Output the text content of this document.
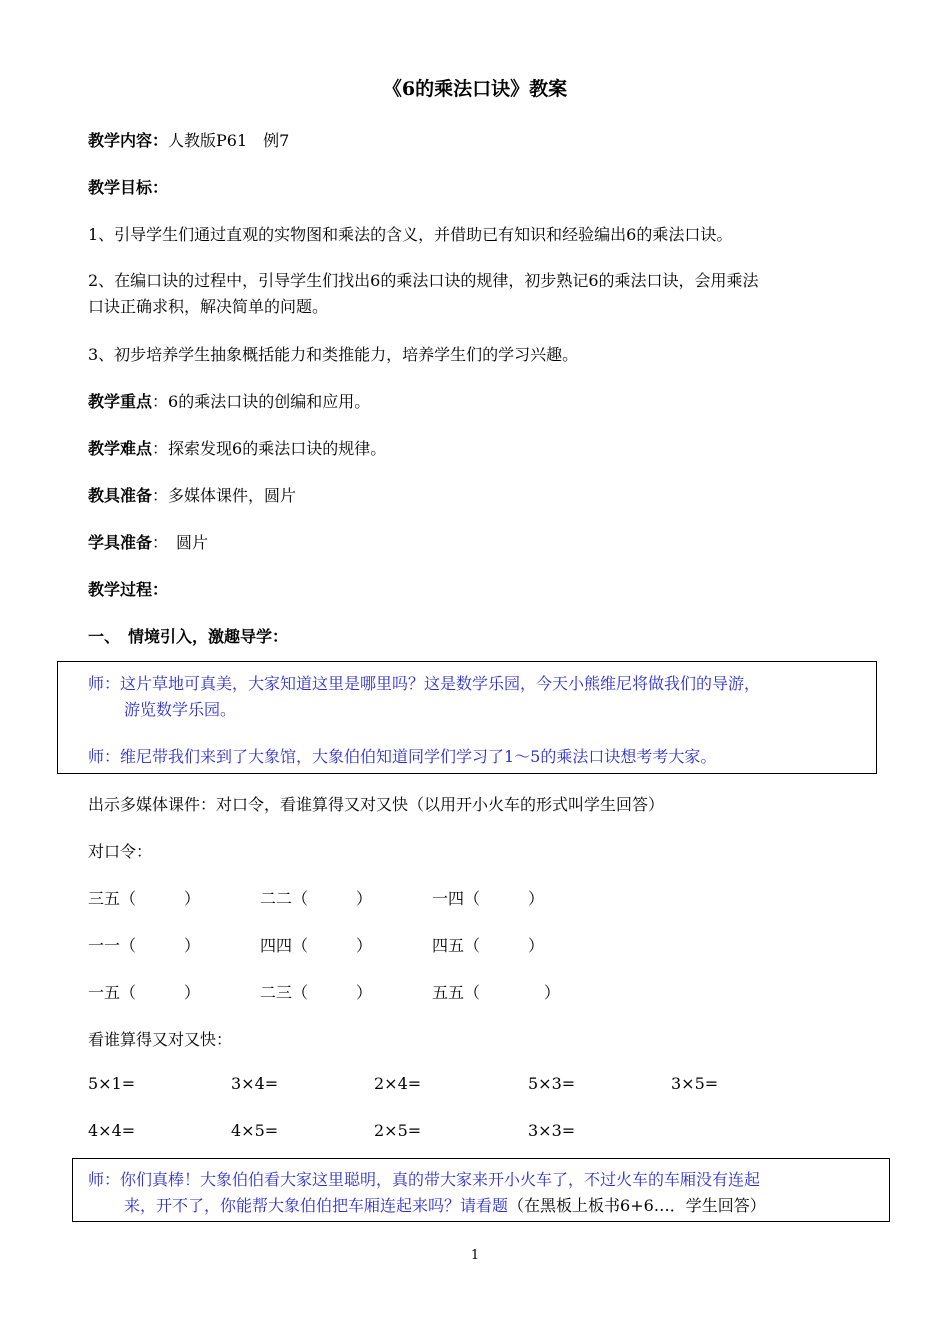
《6的乘法口诀》教案
教学内容：人教版P61　例7
教学目标：
1、引导学生们通过直观的实物图和乘法的含义，并借助已有知识和经验编出6的乘法口诀。
2、在编口诀的过程中，引导学生们找出6的乘法口诀的规律，初步熟记6的乘法口诀，会用乘法
口诀正确求积，解决简单的问题。
3、初步培养学生抽象概括能力和类推能力，培养学生们的学习兴趣。
教学重点：6的乘法口诀的创编和应用。
教学难点：探索发现6的乘法口诀的规律。
教具准备：多媒体课件，圆片
学具准备：　圆片
教学过程：
一、　情境引入，激趣导学：
师：这片草地可真美，大家知道这里是哪里吗？这是数学乐园，今天小熊维尼将做我们的导游，
游览数学乐园。
师：维尼带我们来到了大象馆，大象伯伯知道同学们学习了1～5的乘法口诀想考考大家。
出示多媒体课件：对口令，看谁算得又对又快（以用开小火车的形式叫学生回答）
对口令：
三五（　　　）	二二（　　　）	一四（　　　）
一一（　　　）	四四（　　　）	四五（　　　）
一五（　　　）	二三（　　　）	五五（　　　　）
看谁算得又对又快：
5×1=	3×4=	2×4=	5×3=	3×5=
4×4=	4×5=	2×5=	3×3=
师：你们真棒！大象伯伯看大家这里聪明，真的带大家来开小火车了，不过火车的车厢没有连起
来，开不了，你能帮大象伯伯把车厢连起来吗？请看题（在黑板上板书6+6…．学生回答）
1
